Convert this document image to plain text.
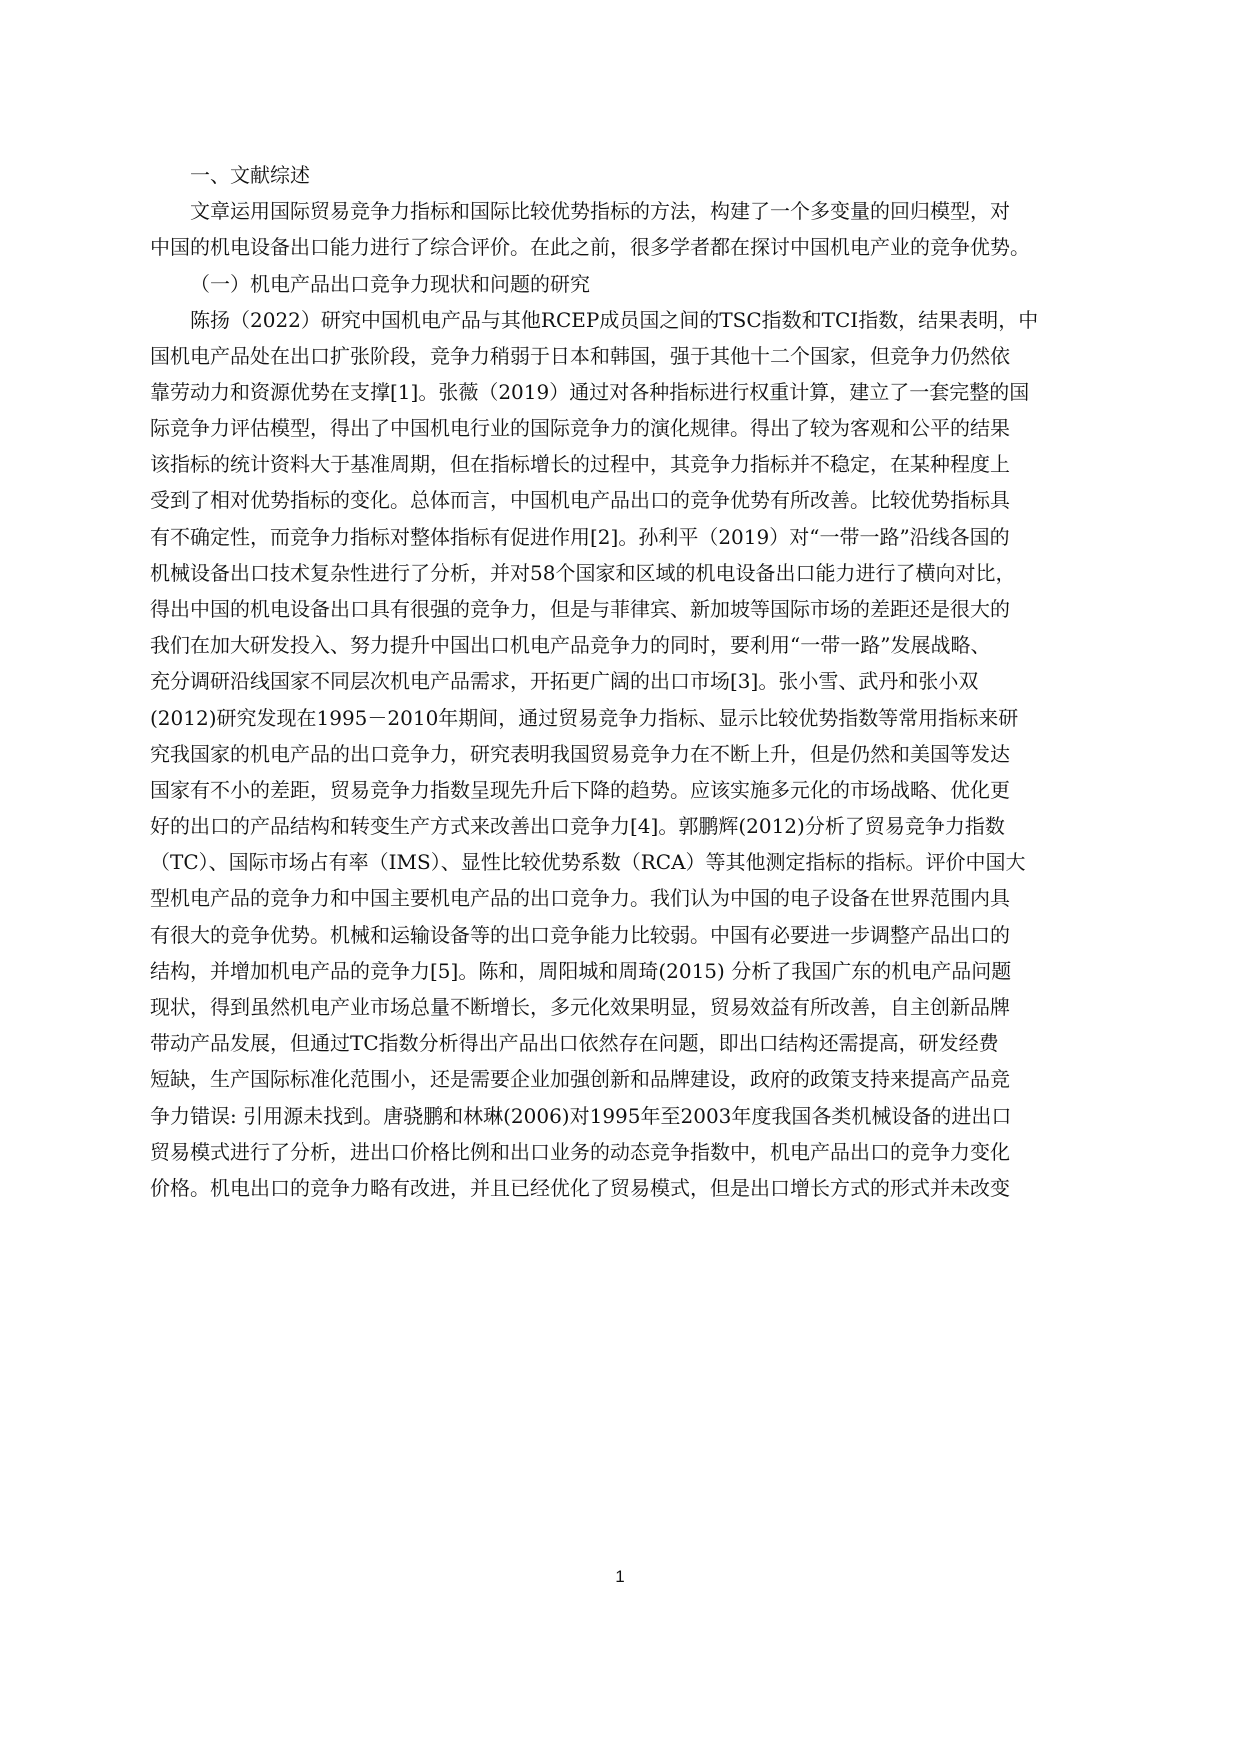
一、文献综述

文章运用国际贸易竞争力指标和国际比较优势指标的方法，构建了一个多变量的回归模型，对

中国的机电设备出口能力进行了综合评价。在此之前，很多学者都在探讨中国机电产业的竞争优势。

（一）机电产品出口竞争力现状和问题的研究

陈扬（2022）研究中国机电产品与其他RCEP成员国之间的TSC指数和TCI指数，结果表明，中

国机电产品处在出口扩张阶段，竞争力稍弱于日本和韩国，强于其他十二个国家，但竞争力仍然依

靠劳动力和资源优势在支撑[1]。张薇（2019）通过对各种指标进行权重计算，建立了一套完整的国

际竞争力评估模型，得出了中国机电行业的国际竞争力的演化规律。得出了较为客观和公平的结果

该指标的统计资料大于基准周期，但在指标增长的过程中，其竞争力指标并不稳定，在某种程度上

受到了相对优势指标的变化。总体而言，中国机电产品出口的竞争优势有所改善。比较优势指标具

有不确定性，而竞争力指标对整体指标有促进作用[2]。孙利平（2019）对“一带一路”沿线各国的

机械设备出口技术复杂性进行了分析，并对58个国家和区域的机电设备出口能力进行了横向对比，

得出中国的机电设备出口具有很强的竞争力，但是与菲律宾、新加坡等国际市场的差距还是很大的

我们在加大研发投入、努力提升中国出口机电产品竞争力的同时，要利用“一带一路”发展战略、

充分调研沿线国家不同层次机电产品需求，开拓更广阔的出口市场[3]。张小雪、武丹和张小双

(2012)研究发现在1995－2010年期间，通过贸易竞争力指标、显示比较优势指数等常用指标来研

究我国家的机电产品的出口竞争力，研究表明我国贸易竞争力在不断上升，但是仍然和美国等发达

国家有不小的差距，贸易竞争力指数呈现先升后下降的趋势。应该实施多元化的市场战略、优化更

好的出口的产品结构和转变生产方式来改善出口竞争力[4]。郭鹏辉(2012)分析了贸易竞争力指数

（TC）、国际市场占有率（IMS）、显性比较优势系数（RCA）等其他测定指标的指标。评价中国大

型机电产品的竞争力和中国主要机电产品的出口竞争力。我们认为中国的电子设备在世界范围内具

有很大的竞争优势。机械和运输设备等的出口竞争能力比较弱。中国有必要进一步调整产品出口的

结构，并增加机电产品的竞争力[5]。陈和，周阳城和周琦(2015) 分析了我国广东的机电产品问题

现状，得到虽然机电产业市场总量不断增长，多元化效果明显，贸易效益有所改善，自主创新品牌

带动产品发展，但通过TC指数分析得出产品出口依然存在问题，即出口结构还需提高，研发经费

短缺，生产国际标准化范围小，还是需要企业加强创新和品牌建设，政府的政策支持来提高产品竞

争力错误: 引用源未找到。唐骁鹏和林琳(2006)对1995年至2003年度我国各类机械设备的进出口

贸易模式进行了分析，进出口价格比例和出口业务的动态竞争指数中，机电产品出口的竞争力变化

价格。机电出口的竞争力略有改进，并且已经优化了贸易模式，但是出口增长方式的形式并未改变

1
